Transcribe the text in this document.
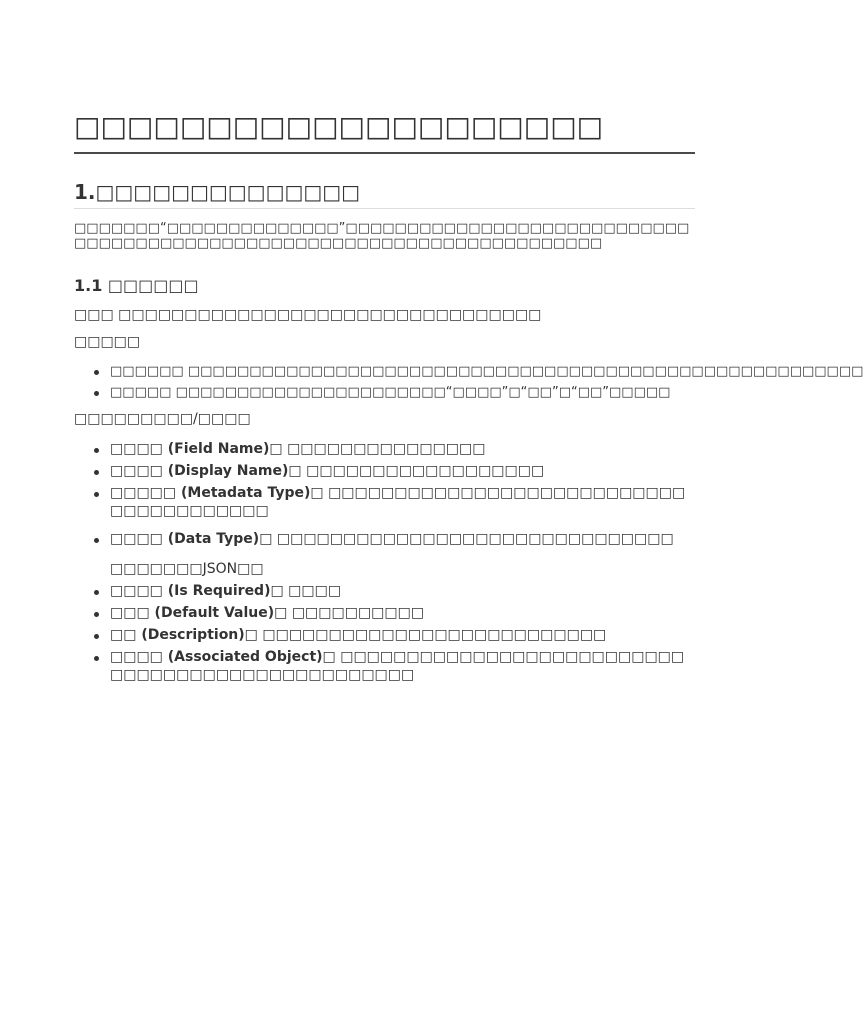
□□□□□□□□□□□□□□□□□□□□
1.□□□□□□□□□□□□□□

□□□□□□□“□□□□□□□□□□□□□□”□□□□□□□□□□□□□□□□□□□□□□□□□□□□□□□□□□□□□□□□□□□□□□□□□□□□□□□□□□□□□□□□□□□□□□□

1.1 □□□□□□

□□□ □□□□□□□□□□□□□□□□□□□□□□□□□□□□□□□□

□□□□□

□□□□□□ □□□□□□□□□□□□□□□□□□□□□□□□□□□□□□□□□□□□□□□□□□□□□□□□□□□□□□□
□□□□□ □□□□□□□□□□□□□□□□□□□□□□“□□□□”□“□□”□“□□”□□□□□

□□□□□□□□□/□□□□

□□□□ (Field Name)□ □□□□□□□□□□□□□□□
□□□□ (Display Name)□ □□□□□□□□□□□□□□□□□□
□□□□□ (Metadata Type)□ □□□□□□□□□□□□□□□□□□□□□□□□□□□□□□□□□□□□□□□
□□□□ (Data Type)□ □□□□□□□□□□□□□□□□□□□□□□□□□□□□□□
□□□□□□□JSON□□
□□□□ (Is Required)□ □□□□
□□□ (Default Value)□ □□□□□□□□□□
□□ (Description)□ □□□□□□□□□□□□□□□□□□□□□□□□□□
□□□□ (Associated Object)□ □□□□□□□□□□□□□□□□□□□□□□□□□□□□□□□□□□□□□□□□□□□□□□□□□
